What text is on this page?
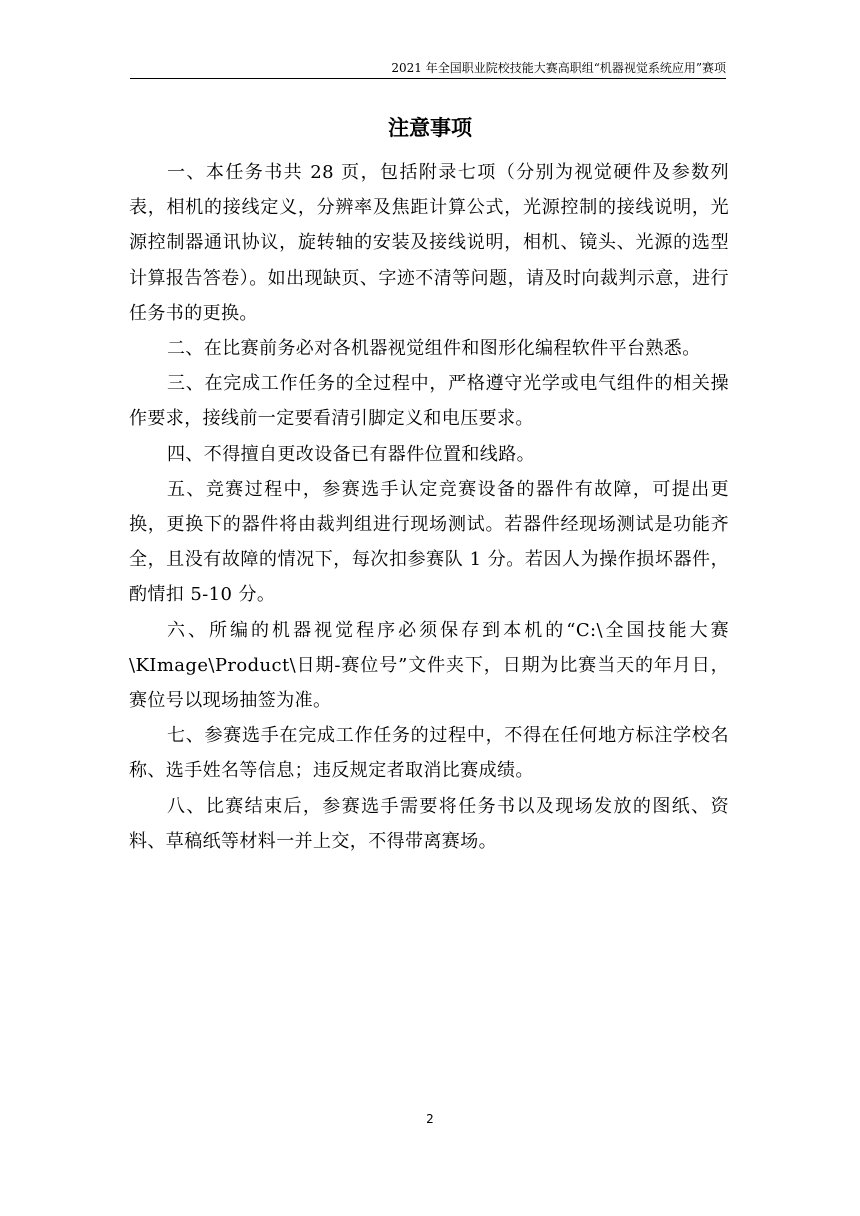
2021 年全国职业院校技能大赛高职组“机器视觉系统应用”赛项
注意事项

一、本任务书共 28 页，包括附录七项（分别为视觉硬件及参数列表，相机的接线定义，分辨率及焦距计算公式，光源控制的接线说明，光源控制器通讯协议，旋转轴的安装及接线说明，相机、镜头、光源的选型计算报告答卷）。如出现缺页、字迹不清等问题，请及时向裁判示意，进行任务书的更换。

二、在比赛前务必对各机器视觉组件和图形化编程软件平台熟悉。

三、在完成工作任务的全过程中，严格遵守光学或电气组件的相关操作要求，接线前一定要看清引脚定义和电压要求。

四、不得擅自更改设备已有器件位置和线路。

五、竞赛过程中，参赛选手认定竞赛设备的器件有故障，可提出更换，更换下的器件将由裁判组进行现场测试。若器件经现场测试是功能齐全，且没有故障的情况下，每次扣参赛队 1 分。若因人为操作损坏器件，酌情扣 5-10 分。

六、所编的机器视觉程序必须保存到本机的“C:\全国技能大赛\KImage\Product\日期-赛位号”文件夹下，日期为比赛当天的年月日，赛位号以现场抽签为准。

七、参赛选手在完成工作任务的过程中，不得在任何地方标注学校名称、选手姓名等信息；违反规定者取消比赛成绩。

八、比赛结束后，参赛选手需要将任务书以及现场发放的图纸、资料、草稿纸等材料一并上交，不得带离赛场。

2
